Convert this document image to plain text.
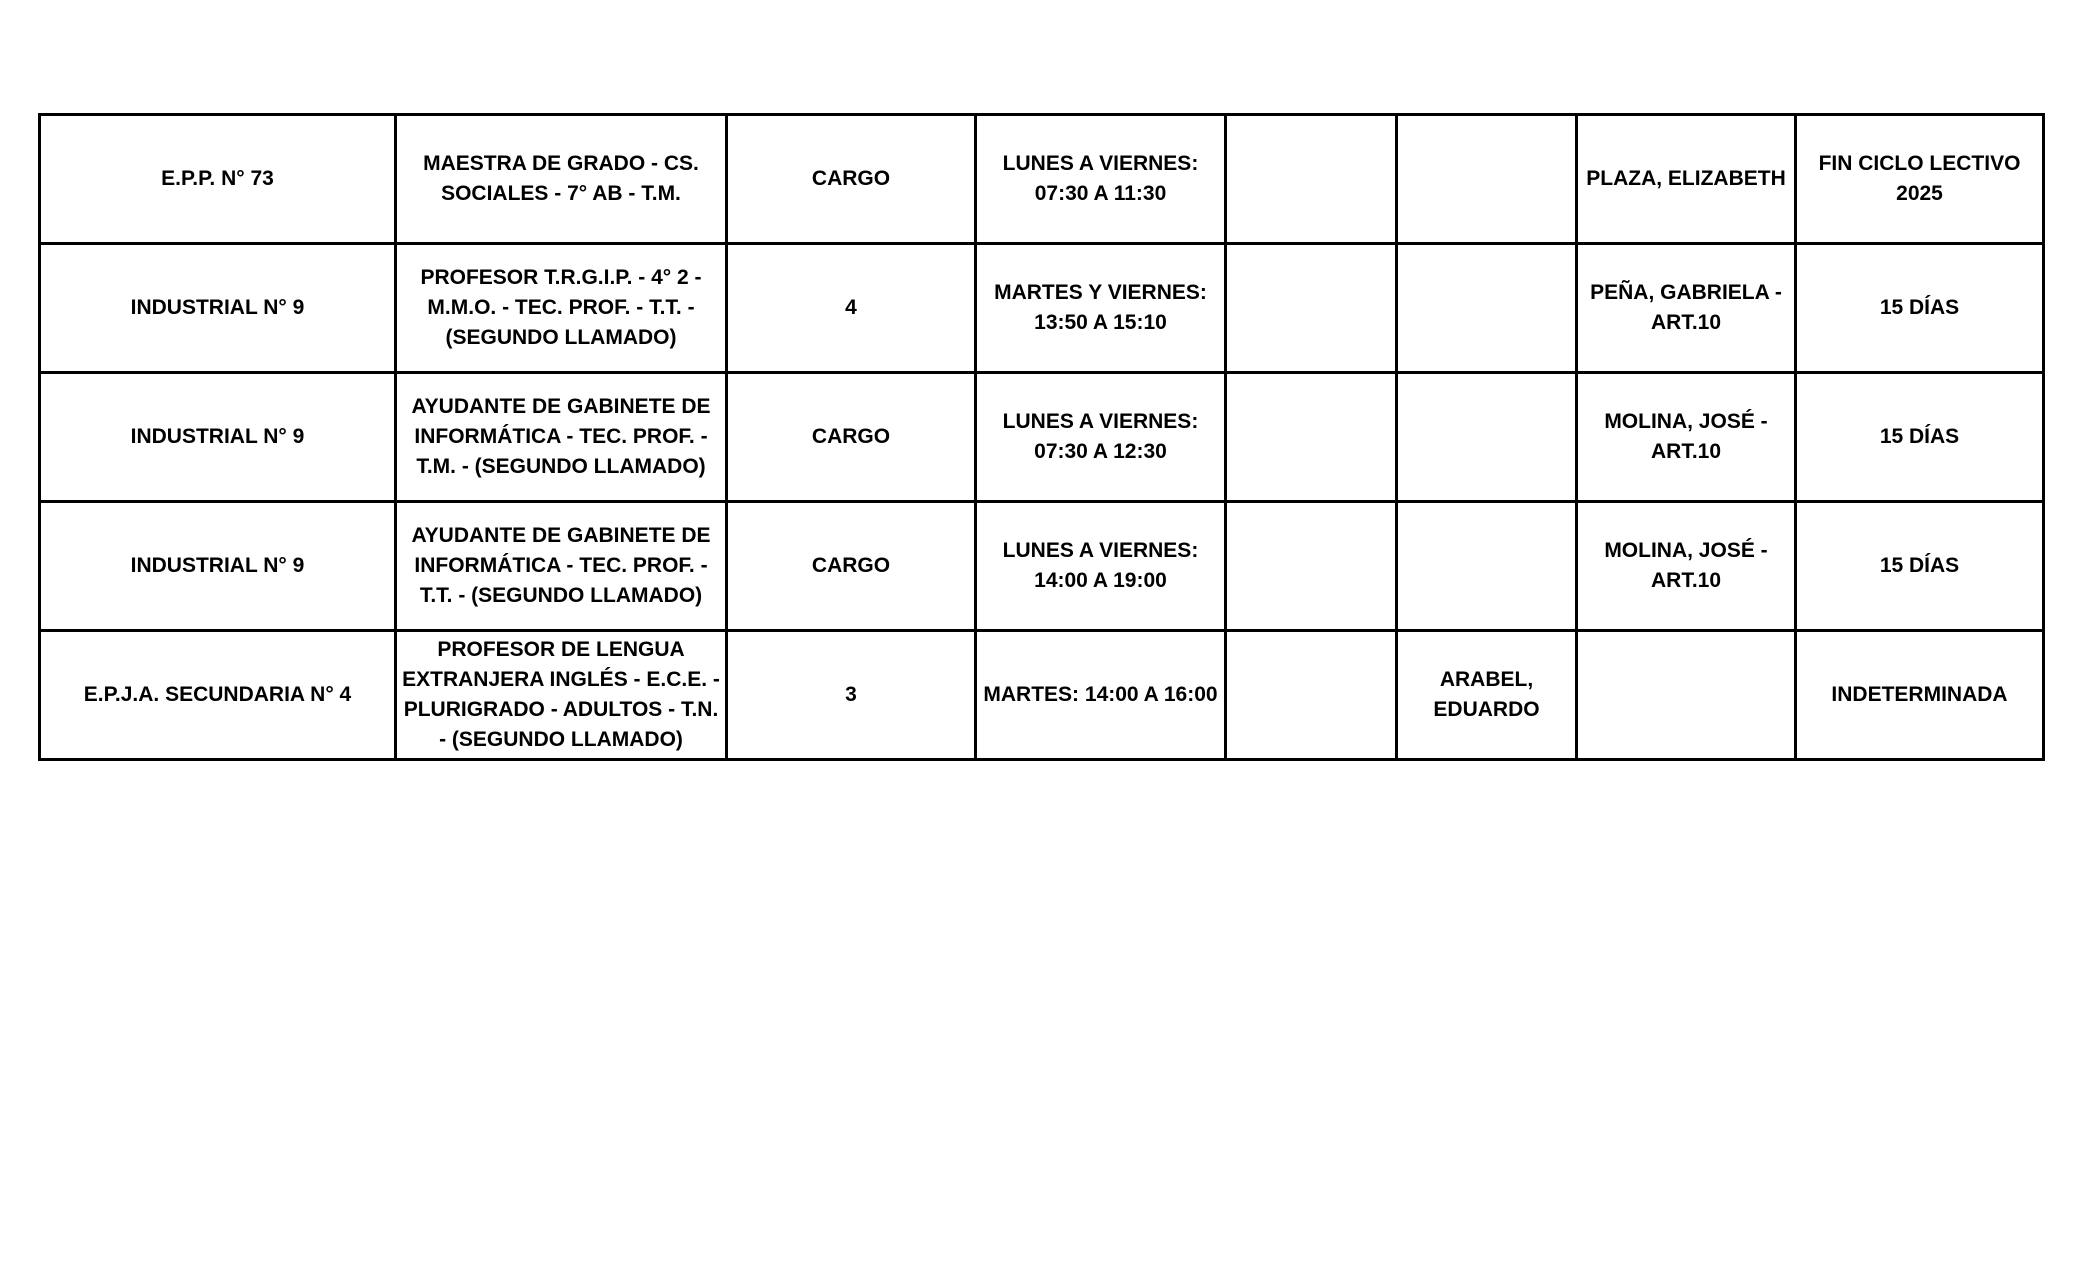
E.P.P. N° 73	MAESTRA DE GRADO - CS. SOCIALES - 7° AB - T.M.	CARGO	LUNES A VIERNES: 07:30 A 11:30			PLAZA, ELIZABETH	FIN CICLO LECTIVO 2025
INDUSTRIAL N° 9	PROFESOR T.R.G.I.P. - 4° 2 - M.M.O. - TEC. PROF. - T.T. - (SEGUNDO LLAMADO)	4	MARTES Y VIERNES: 13:50 A 15:10			PEÑA, GABRIELA - ART.10	15 DÍAS
INDUSTRIAL N° 9	AYUDANTE DE GABINETE DE INFORMÁTICA - TEC. PROF. - T.M. - (SEGUNDO LLAMADO)	CARGO	LUNES A VIERNES: 07:30 A 12:30			MOLINA, JOSÉ - ART.10	15 DÍAS
INDUSTRIAL N° 9	AYUDANTE DE GABINETE DE INFORMÁTICA - TEC. PROF. - T.T. - (SEGUNDO LLAMADO)	CARGO	LUNES A VIERNES: 14:00 A 19:00			MOLINA, JOSÉ - ART.10	15 DÍAS
E.P.J.A. SECUNDARIA N° 4	PROFESOR DE LENGUA EXTRANJERA INGLÉS - E.C.E. - PLURIGRADO - ADULTOS - T.N. - (SEGUNDO LLAMADO)	3	MARTES: 14:00 A 16:00		ARABEL, EDUARDO		INDETERMINADA
